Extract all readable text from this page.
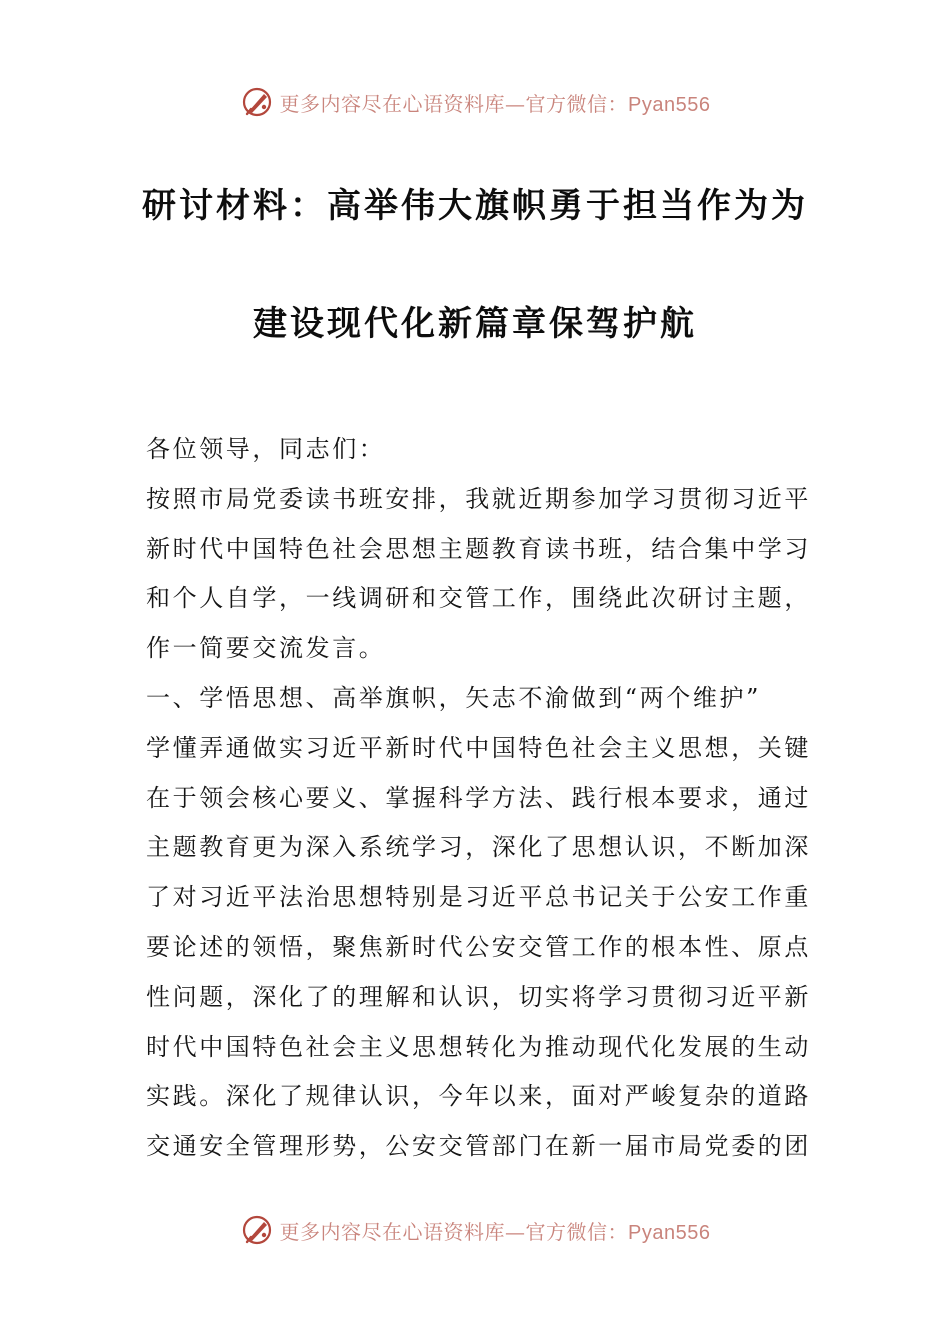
更多内容尽在心语资料库—官方微信：Pyan556
研讨材料：高举伟大旗帜勇于担当作为为
建设现代化新篇章保驾护航
各位领导，同志们：
按照市局党委读书班安排，我就近期参加学习贯彻习近平
新时代中国特色社会思想主题教育读书班，结合集中学习
和个人自学，一线调研和交管工作，围绕此次研讨主题，
作一简要交流发言。
一、学悟思想、高举旗帜，矢志不渝做到“两个维护”
学懂弄通做实习近平新时代中国特色社会主义思想，关键
在于领会核心要义、掌握科学方法、践行根本要求，通过
主题教育更为深入系统学习，深化了思想认识，不断加深
了对习近平法治思想特别是习近平总书记关于公安工作重
要论述的领悟，聚焦新时代公安交管工作的根本性、原点
性问题，深化了的理解和认识，切实将学习贯彻习近平新
时代中国特色社会主义思想转化为推动现代化发展的生动
实践。深化了规律认识，今年以来，面对严峻复杂的道路
交通安全管理形势，公安交管部门在新一届市局党委的团
更多内容尽在心语资料库—官方微信：Pyan556
